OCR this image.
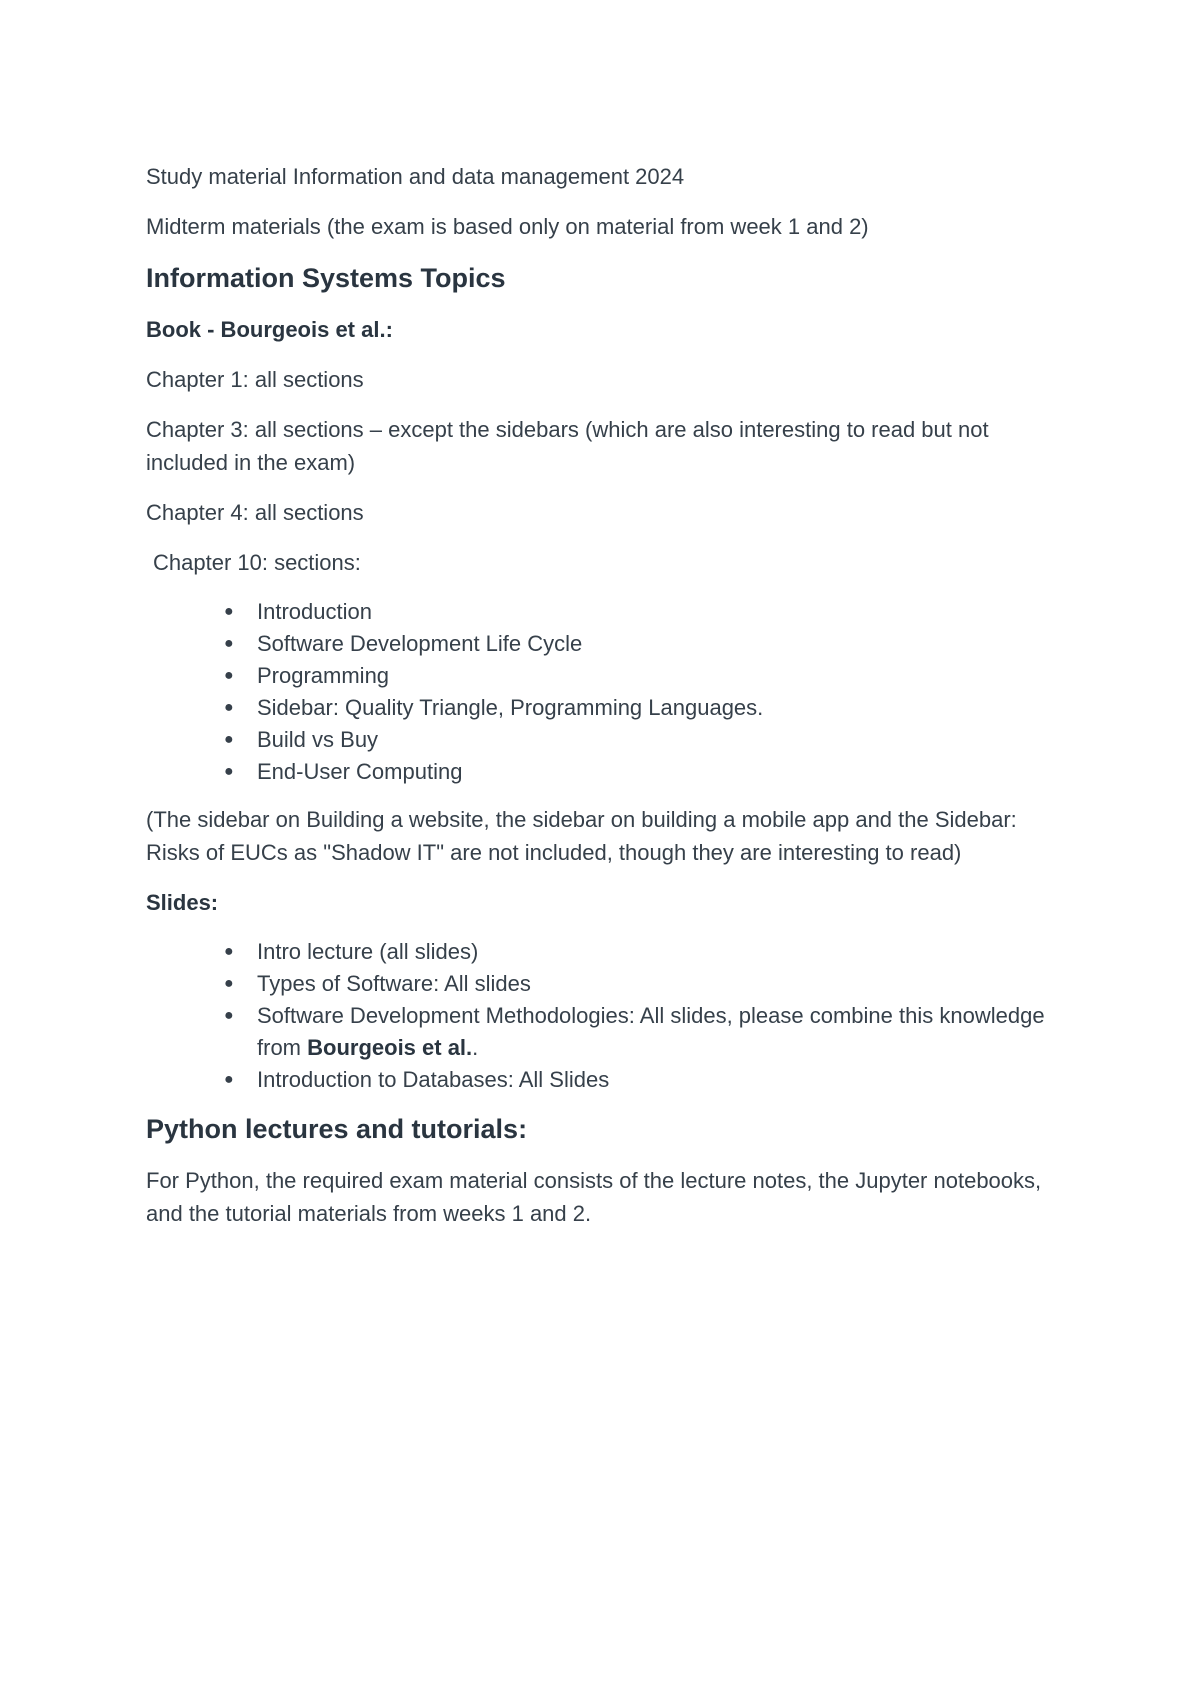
Study material Information and data management 2024

Midterm materials (the exam is based only on material from week 1 and 2)

Information Systems Topics

Book - Bourgeois et al.:

Chapter 1: all sections

Chapter 3: all sections – except the sidebars (which are also interesting to read but not included in the exam)

Chapter 4: all sections

Chapter 10: sections:

● Introduction
● Software Development Life Cycle
● Programming
● Sidebar: Quality Triangle, Programming Languages.
● Build vs Buy
● End-User Computing

(The sidebar on Building a website, the sidebar on building a mobile app and the Sidebar: Risks of EUCs as "Shadow IT" are not included, though they are interesting to read)

Slides:

● Intro lecture (all slides)
● Types of Software: All slides
● Software Development Methodologies: All slides, please combine this knowledge from Bourgeois et al..
● Introduction to Databases: All Slides
Python lectures and tutorials:

For Python, the required exam material consists of the lecture notes, the Jupyter notebooks, and the tutorial materials from weeks 1 and 2.
